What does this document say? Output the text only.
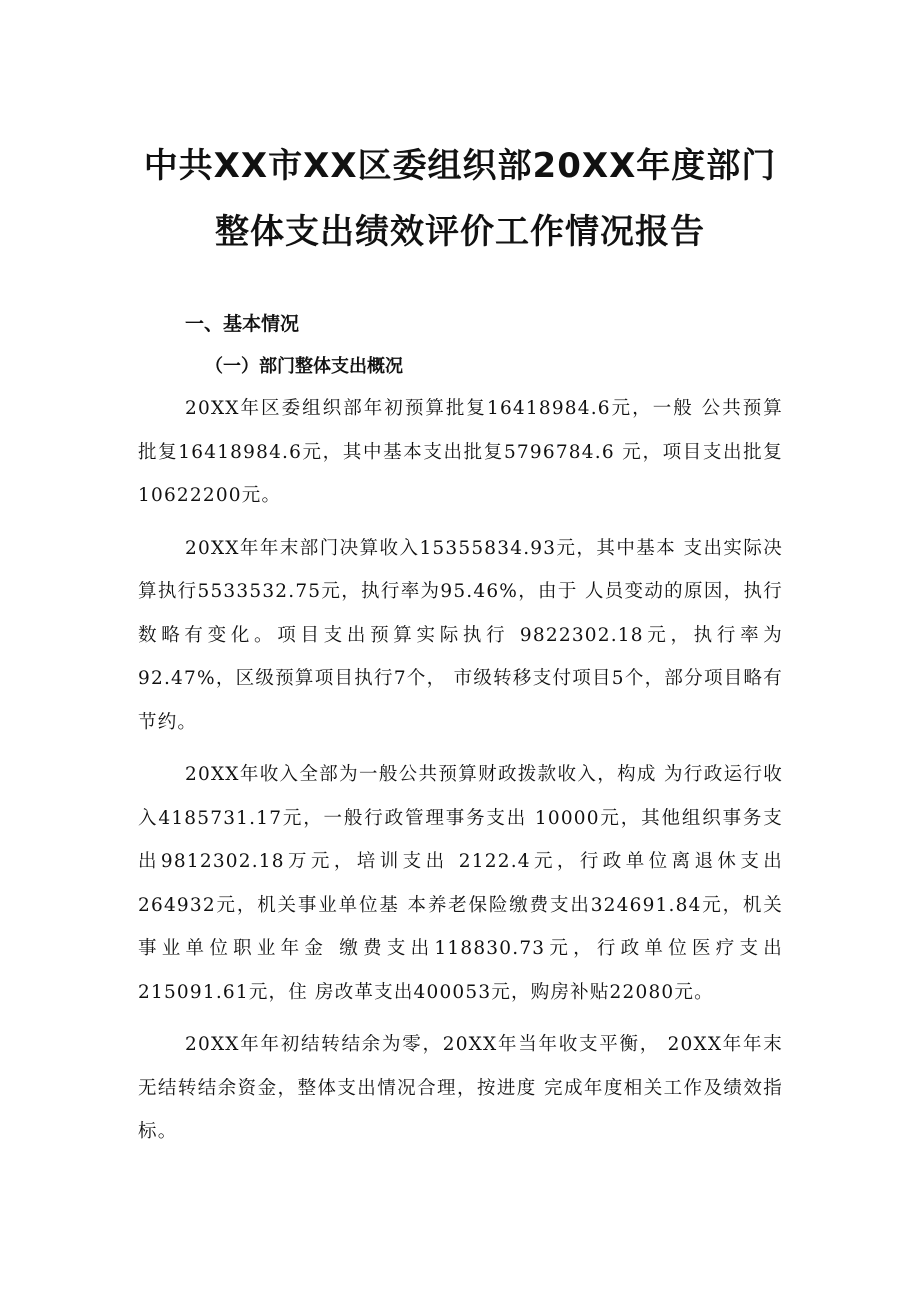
中共XX市XX区委组织部20XX年度部门
整体支出绩效评价工作情况报告
一、基本情况
（一）部门整体支出概况

20XX年区委组织部年初预算批复16418984.6元，一般 公共预算批复16418984.6元，其中基本支出批复5796784.6 元，项目支出批复10622200元。

20XX年年末部门决算收入15355834.93元，其中基本 支出实际决算执行5533532.75元，执行率为95.46%，由于 人员变动的原因，执行数略有变化。项目支出预算实际执行 9822302.18元，执行率为92.47%，区级预算项目执行7个， 市级转移支付项目5个，部分项目略有节约。

20XX年收入全部为一般公共预算财政拨款收入，构成 为行政运行收入4185731.17元，一般行政管理事务支出 10000元，其他组织事务支出9812302.18万元，培训支出 2122.4元，行政单位离退休支出264932元，机关事业单位基 本养老保险缴费支出324691.84元，机关事业单位职业年金 缴费支出118830.73元，行政单位医疗支出215091.61元，住 房改革支出400053元，购房补贴22080元。

20XX年年初结转结余为零，20XX年当年收支平衡， 20XX年年末无结转结余资金，整体支出情况合理，按进度 完成年度相关工作及绩效指标。
